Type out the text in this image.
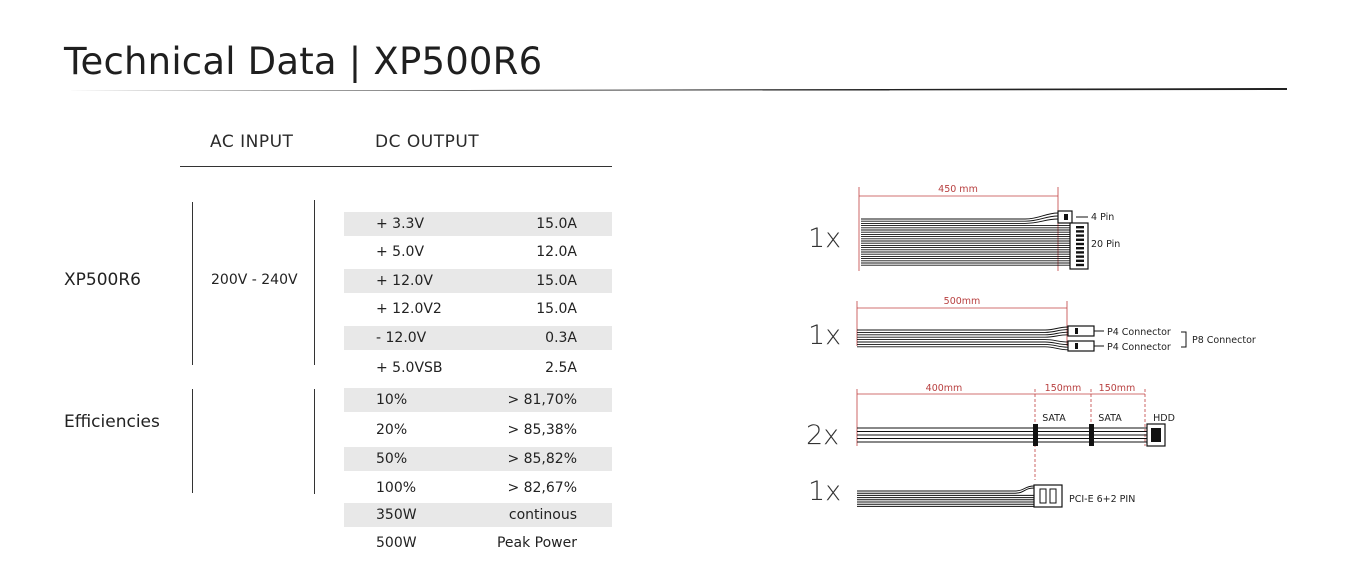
Technical Data | XP500R6
AC INPUT	DC OUTPUT
XP500R6	200V - 240V
Efficiencies
+ 3.3V	15.0A
+ 5.0V	12.0A
+ 12.0V	15.0A
+ 12.0V2	15.0A
- 12.0V	0.3A
+ 5.0VSB	2.5A
10%	> 81,70%
20%	> 85,38%
50%	> 85,82%
100%	> 82,67%
350W	continous
500W	Peak Power
1x
1x
2x
1x
450 mm
4 Pin
20 Pin
500mm
P4 Connector
P4 Connector
P8 Connector
400mm	150mm 150mm
SATA	SATA	HDD
PCI-E 6+2 PIN
